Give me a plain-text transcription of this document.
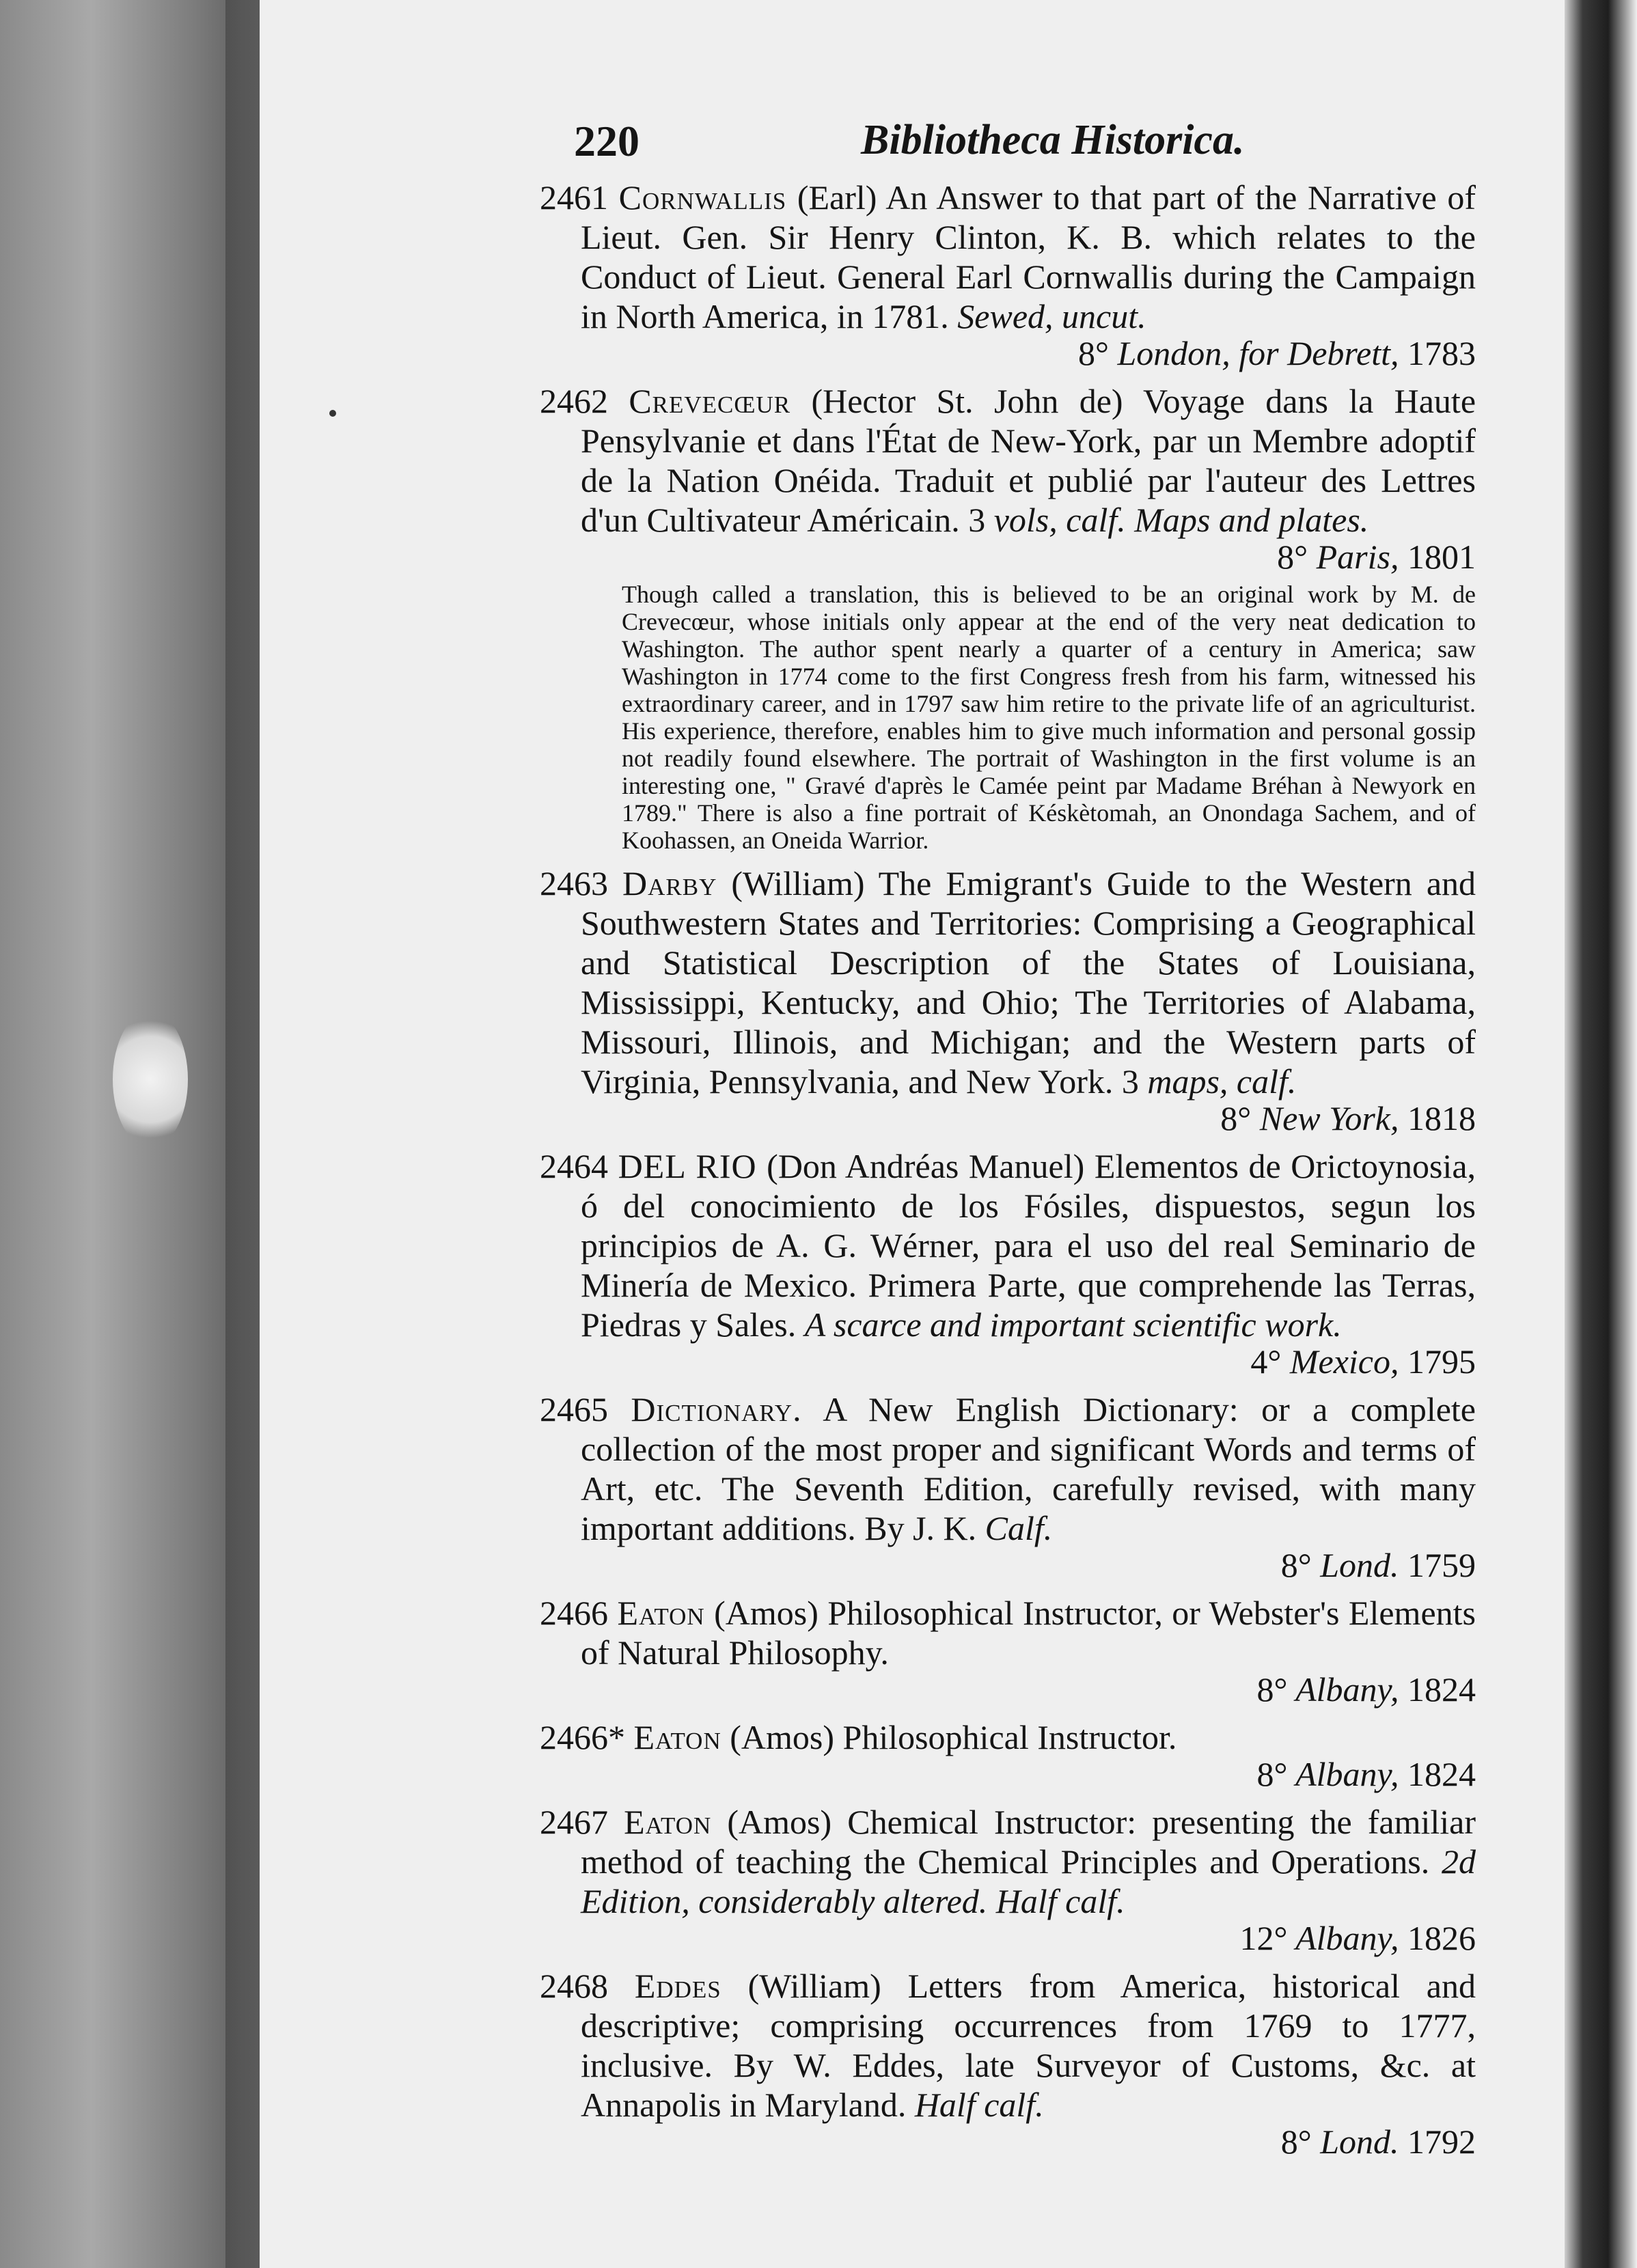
220	Bibliotheca Historica.
2461 Cornwallis (Earl) An Answer to that part of the Narrative of Lieut. Gen. Sir Henry Clinton, K. B. which relates to the Conduct of Lieut. General Earl Cornwallis during the Campaign in North America, in 1781. Sewed, uncut.
8° London, for Debrett, 1783
2462 Crevecœur (Hector St. John de) Voyage dans la Haute Pensylvanie et dans l'État de New-York, par un Membre adoptif de la Nation Onéida. Traduit et publié par l'auteur des Lettres d'un Cultivateur Américain. 3 vols, calf. Maps and plates.
8° Paris, 1801
Though called a translation, this is believed to be an original work by M. de Crevecœur, whose initials only appear at the end of the very neat dedication to Washington. The author spent nearly a quarter of a century in America; saw Washington in 1774 come to the first Congress fresh from his farm, witnessed his extraordinary career, and in 1797 saw him retire to the private life of an agriculturist. His experience, therefore, enables him to give much information and personal gossip not readily found elsewhere. The portrait of Washington in the first volume is an interesting one, " Gravé d'après le Camée peint par Madame Bréhan à Newyork en 1789." There is also a fine portrait of Késkètomah, an Onondaga Sachem, and of Koohassen, an Oneida Warrior.
2463 Darby (William) The Emigrant's Guide to the Western and Southwestern States and Territories: Comprising a Geographical and Statistical Description of the States of Louisiana, Mississippi, Kentucky, and Ohio; The Territories of Alabama, Missouri, Illinois, and Michigan; and the Western parts of Virginia, Pennsylvania, and New York. 3 maps, calf.
8° New York, 1818
2464 DEL RIO (Don Andréas Manuel) Elementos de Orictoynosia, ó del conocimiento de los Fósiles, dispuestos, segun los principios de A. G. Wérner, para el uso del real Seminario de Minería de Mexico. Primera Parte, que comprehende las Terras, Piedras y Sales. A scarce and important scientific work.
4° Mexico, 1795
2465 Dictionary. A New English Dictionary: or a complete collection of the most proper and significant Words and terms of Art, etc. The Seventh Edition, carefully revised, with many important additions. By J. K. Calf.
8° Lond. 1759
2466 Eaton (Amos) Philosophical Instructor, or Webster's Elements of Natural Philosophy.
8° Albany, 1824
2466* Eaton (Amos) Philosophical Instructor.
8° Albany, 1824
2467 Eaton (Amos) Chemical Instructor: presenting the familiar method of teaching the Chemical Principles and Operations. 2d Edition, considerably altered. Half calf.
12° Albany, 1826
2468 Eddes (William) Letters from America, historical and descriptive; comprising occurrences from 1769 to 1777, inclusive. By W. Eddes, late Surveyor of Customs, &c. at Annapolis in Maryland. Half calf.
8° Lond. 1792
